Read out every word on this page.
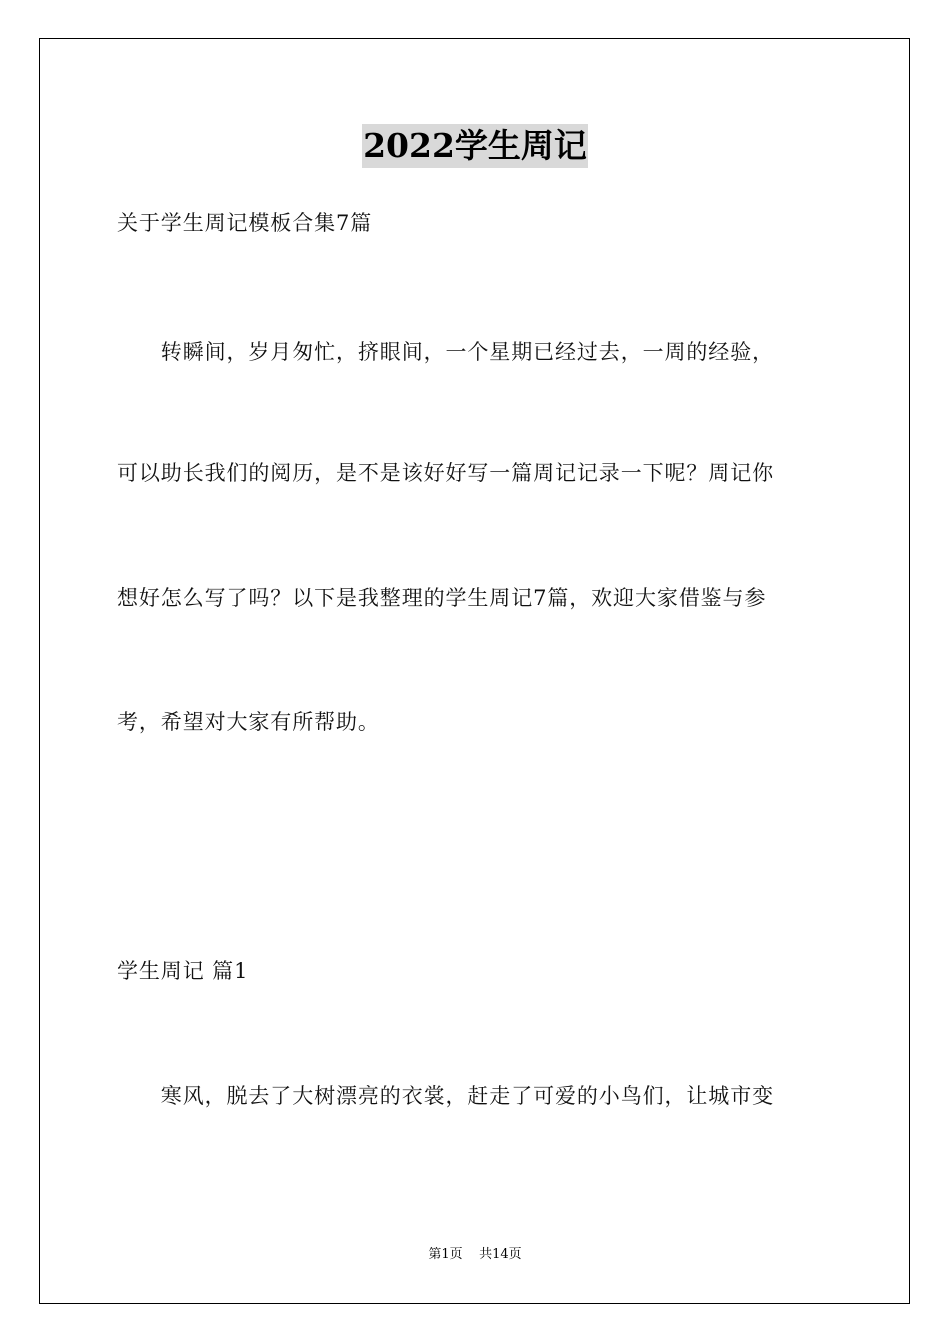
2022学生周记
关于学生周记模板合集7篇
　　转瞬间，岁月匆忙，挤眼间，一个星期已经过去，一周的经验，
可以助长我们的阅历，是不是该好好写一篇周记记录一下呢？周记你
想好怎么写了吗？以下是我整理的学生周记7篇，欢迎大家借鉴与参
考，希望对大家有所帮助。
学生周记 篇1
　　寒风，脱去了大树漂亮的衣裳，赶走了可爱的小鸟们，让城市变
第1页 共14页
